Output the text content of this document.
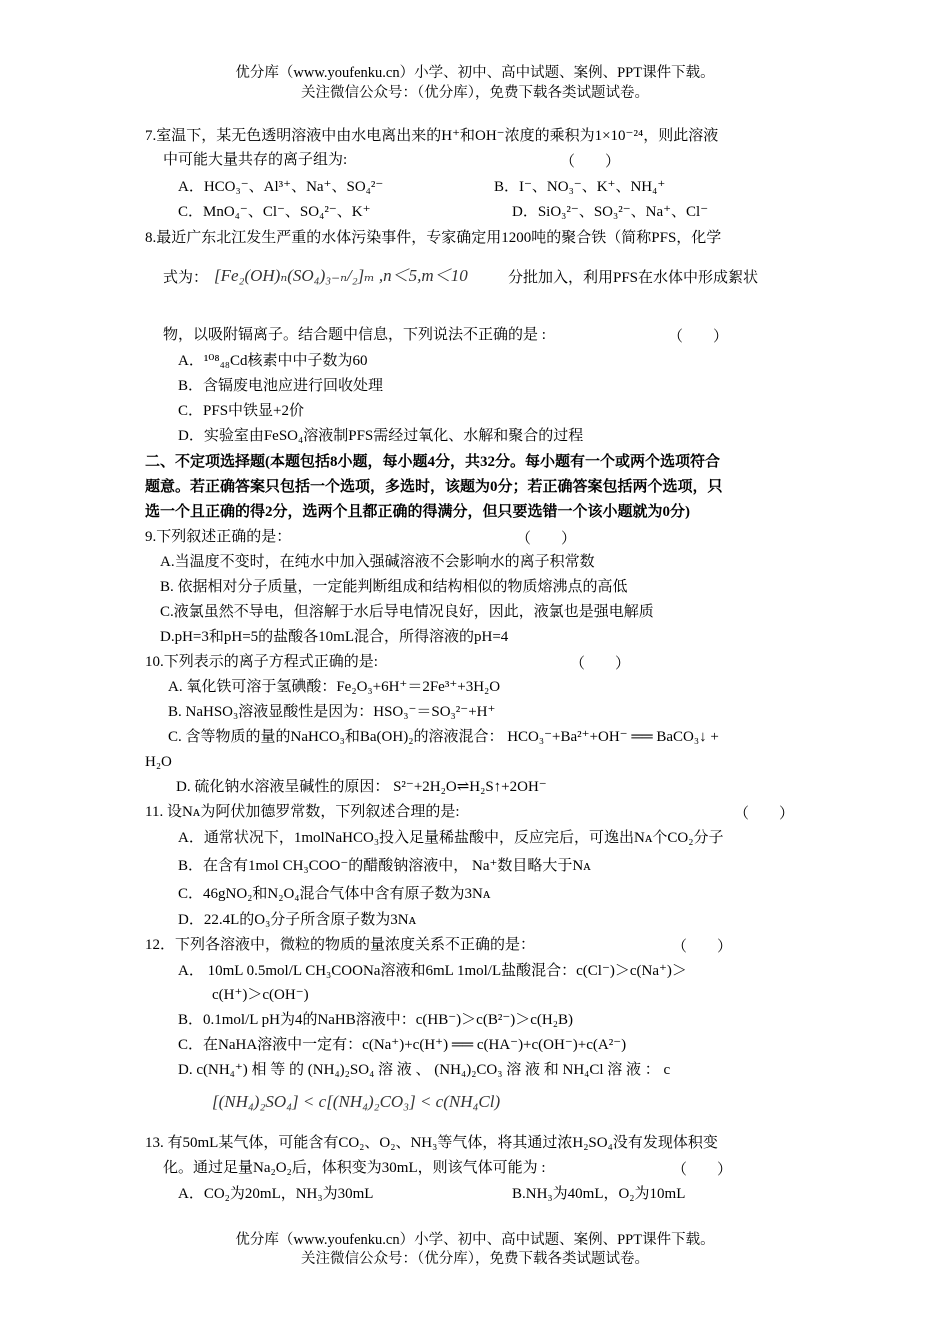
优分库（www.youfenku.cn）小学、初中、高中试题、案例、PPT课件下载。
关注微信公众号：（优分库），免费下载各类试题试卷。
7.室温下，某无色透明溶液中由水电离出来的H⁺和OH⁻浓度的乘积为1×10⁻²⁴，则此溶液
中可能大量共存的离子组为:	（　　）
A．HCO₃⁻、Al³⁺、Na⁺、SO₄²⁻	B．I⁻、NO₃⁻、K⁺、NH₄⁺
C．MnO₄⁻、Cl⁻、SO₄²⁻、K⁺	D．SiO₃²⁻、SO₃²⁻、Na⁺、Cl⁻
8.最近广东北江发生严重的水体污染事件，专家确定用1200吨的聚合铁（简称PFS，化学
式为： [Fe₂(OH)ₙ(SO₄)₃₋ₙ/₂]ₘ ,n＜5,m＜10	分批加入，利用PFS在水体中形成絮状
物，以吸附镉离子。结合题中信息，下列说法不正确的是 :	（　　）
A．¹⁰⁸₄₈Cd核素中中子数为60
B．含镉废电池应进行回收处理
C．PFS中铁显+2价
D．实验室由FeSO₄溶液制PFS需经过氧化、水解和聚合的过程
二、不定项选择题(本题包括8小题，每小题4分，共32分。每小题有一个或两个选项符合
题意。若正确答案只包括一个选项，多选时，该题为0分；若正确答案包括两个选项，只
选一个且正确的得2分，选两个且都正确的得满分，但只要选错一个该小题就为0分)
9.下列叙述正确的是：	（　　）
A.当温度不变时，在纯水中加入强碱溶液不会影响水的离子积常数
B. 依据相对分子质量，一定能判断组成和结构相似的物质熔沸点的高低
C.液氯虽然不导电，但溶解于水后导电情况良好，因此，液氯也是强电解质
D.pH=3和pH=5的盐酸各10mL混合，所得溶液的pH=4
10.下列表示的离子方程式正确的是:	（　　）
A. 氧化铁可溶于氢碘酸：Fe₂O₃+6H⁺＝2Fe³⁺+3H₂O
B. NaHSO₃溶液显酸性是因为：HSO₃⁻＝SO₃²⁻+H⁺
C. 含等物质的量的NaHCO₃和Ba(OH)₂的溶液混合： HCO₃⁻+Ba²⁺+OH⁻ ══ BaCO₃↓ +
H₂O
D. 硫化钠水溶液呈碱性的原因： S²⁻+2H₂O⇌H₂S↑+2OH⁻
11. 设Nᴀ为阿伏加德罗常数，下列叙述合理的是:	（　　）
A．通常状况下，1molNaHCO₃投入足量稀盐酸中，反应完后，可逸出Nᴀ个CO₂分子
B．在含有1mol CH₃COO⁻的醋酸钠溶液中， Na⁺数目略大于Nᴀ
C．46gNO₂和N₂O₄混合气体中含有原子数为3Nᴀ
D．22.4L的O₃分子所含原子数为3Nᴀ
12．下列各溶液中，微粒的物质的量浓度关系不正确的是：	（　　）
A． 10mL 0.5mol/L CH₃COONa溶液和6mL 1mol/L盐酸混合：c(Cl⁻)＞c(Na⁺)＞
c(H⁺)＞c(OH⁻)
B．0.1mol/L pH为4的NaHB溶液中：c(HB⁻)＞c(B²⁻)＞c(H₂B)
C．在NaHA溶液中一定有：c(Na⁺)+c(H⁺) ══ c(HA⁻)+c(OH⁻)+c(A²⁻)
D. c(NH₄⁺) 相 等 的 (NH₄)₂SO₄ 溶 液 、 (NH₄)₂CO₃ 溶 液 和 NH₄Cl 溶 液 ： c
[(NH₄)₂SO₄] < c[(NH₄)₂CO₃] < c(NH₄Cl)
13. 有50mL某气体，可能含有CO₂、O₂、NH₃等气体，将其通过浓H₂SO₄没有发现体积变
化。通过足量Na₂O₂后，体积变为30mL，则该气体可能为 :	（　　）
A．CO₂为20mL，NH₃为30mL	B.NH₃为40mL，O₂为10mL
优分库（www.youfenku.cn）小学、初中、高中试题、案例、PPT课件下载。
关注微信公众号：（优分库），免费下载各类试题试卷。
